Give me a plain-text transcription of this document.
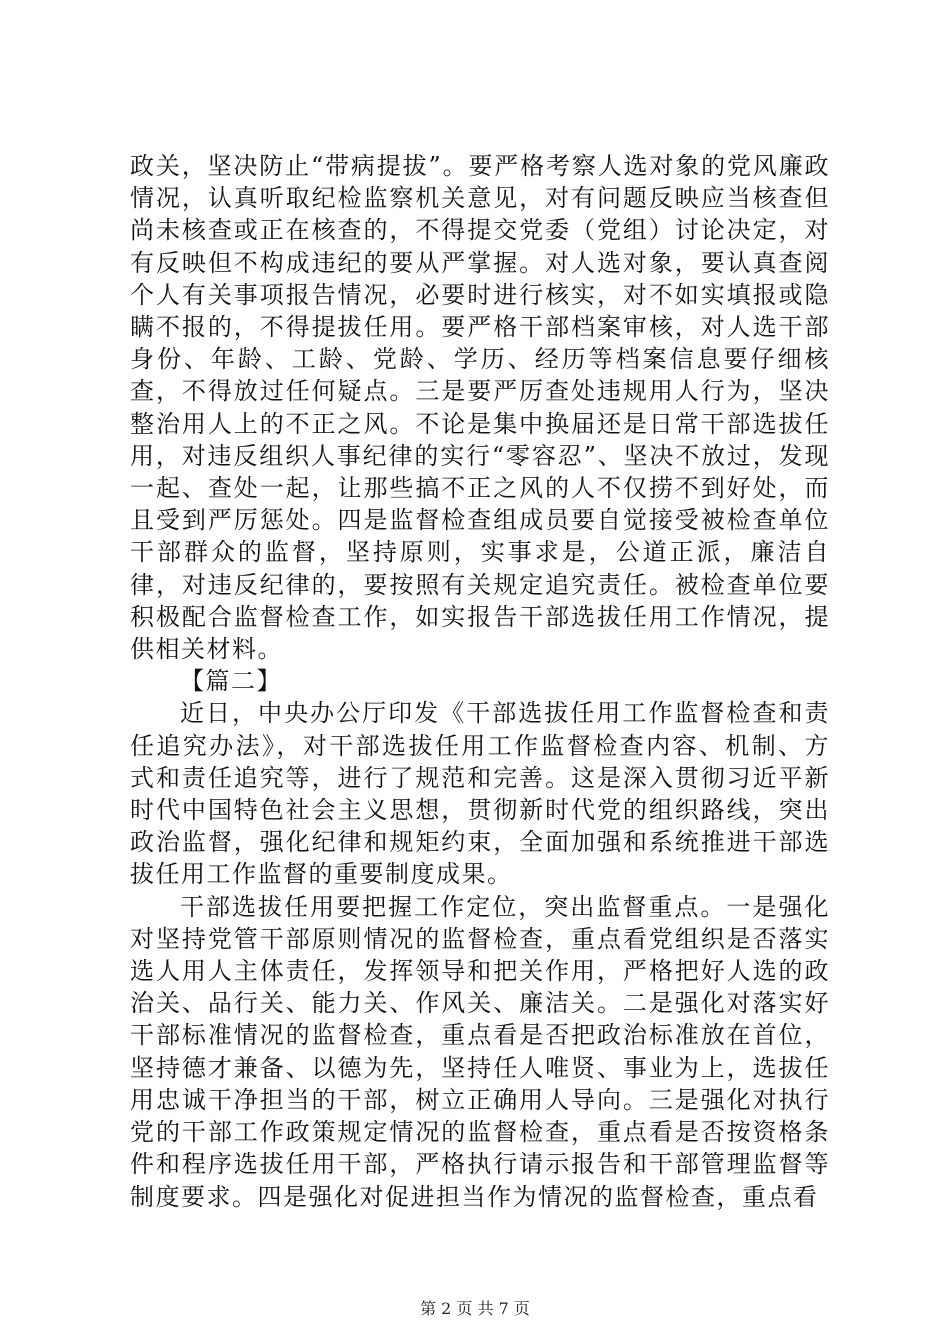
政关，坚决防止“带病提拔”。要严格考察人选对象的党风廉政情况，认真听取纪检监察机关意见，对有问题反映应当核查但尚未核查或正在核查的，不得提交党委（党组）讨论决定，对有反映但不构成违纪的要从严掌握。对人选对象，要认真查阅个人有关事项报告情况，必要时进行核实，对不如实填报或隐瞒不报的，不得提拔任用。要严格干部档案审核，对人选干部身份、年龄、工龄、党龄、学历、经历等档案信息要仔细核查，不得放过任何疑点。三是要严厉查处违规用人行为，坚决整治用人上的不正之风。不论是集中换届还是日常干部选拔任用，对违反组织人事纪律的实行“零容忍”、坚决不放过，发现一起、查处一起，让那些搞不正之风的人不仅捞不到好处，而且受到严厉惩处。四是监督检查组成员要自觉接受被检查单位干部群众的监督，坚持原则，实事求是，公道正派，廉洁自律，对违反纪律的，要按照有关规定追究责任。被检查单位要积极配合监督检查工作，如实报告干部选拔任用工作情况，提供相关材料。

【篇二】

近日，中央办公厅印发《干部选拔任用工作监督检查和责任追究办法》，对干部选拔任用工作监督检查内容、机制、方式和责任追究等，进行了规范和完善。这是深入贯彻习近平新时代中国特色社会主义思想，贯彻新时代党的组织路线，突出政治监督，强化纪律和规矩约束，全面加强和系统推进干部选拔任用工作监督的重要制度成果。

干部选拔任用要把握工作定位，突出监督重点。一是强化对坚持党管干部原则情况的监督检查，重点看党组织是否落实选人用人主体责任，发挥领导和把关作用，严格把好人选的政治关、品行关、能力关、作风关、廉洁关。二是强化对落实好干部标准情况的监督检查，重点看是否把政治标准放在首位，坚持德才兼备、以德为先，坚持任人唯贤、事业为上，选拔任用忠诚干净担当的干部，树立正确用人导向。三是强化对执行党的干部工作政策规定情况的监督检查，重点看是否按资格条件和程序选拔任用干部，严格执行请示报告和干部管理监督等制度要求。四是强化对促进担当作为情况的监督检查，重点看

第 2 页 共 7 页
